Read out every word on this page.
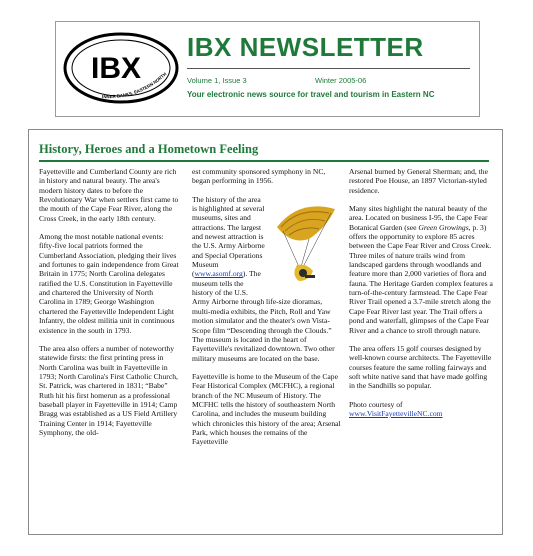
IBX
INNER BANKS, EASTERN NORTH
IBX NEWSLETTER
Volume 1, Issue 3	Winter 2005-06
Your electronic news source for travel and tourism in Eastern NC
History, Heroes and a Hometown Feeling

Fayetteville and Cumberland County are rich in history and natural beauty. The area's modern history dates to before the Revolutionary War when settlers first came to the mouth of the Cape Fear River, along the Cross Creek, in the early 18th century.

Among the most notable national events: fifty-five local patriots formed the Cumberland Association, pledging their lives and fortunes to gain independence from Great Britain in 1775; North Carolina delegates ratified the U.S. Constitution in Fayetteville and chartered the University of North Carolina in 1789; George Washington chartered the Fayetteville Independent Light Infantry, the oldest militia unit in continuous existence in the south in 1793.

The area also offers a number of noteworthy statewide firsts: the first printing press in North Carolina was built in Fayetteville in 1793; North Carolina's First Catholic Church, St. Patrick, was chartered in 1831; “Babe” Ruth hit his first homerun as a professional baseball player in Fayetteville in 1914; Camp Bragg was established as a US Field Artillery Training Center in 1914; Fayetteville Symphony, the old-

est community sponsored symphony in NC, began performing in 1956.

The history of the area is highlighted at several museums, sites and attractions. The largest and newest attraction is the U.S. Army Airborne and Special Operations Museum (www.asomf.org). The museum tells the history of the U.S. Army Airborne through life-size dioramas, multi-media exhibits, the Pitch, Roll and Yaw motion simulator and the theater's own Vista-Scope film “Descending through the Clouds.” The museum is located in the heart of Fayetteville's revitalized downtown. Two other military museums are located on the base.

Fayetteville is home to the Museum of the Cape Fear Historical Complex (MCFHC), a regional branch of the NC Museum of History. The MCFHC tells the history of southeastern North Carolina, and includes the museum building which chronicles this history of the area; Arsenal Park, which houses the remains of the Fayetteville

Arsenal burned by General Sherman; and, the restored Poe House, an 1897 Victorian-styled residence.

Many sites highlight the natural beauty of the area. Located on business I-95, the Cape Fear Botanical Garden (see Green Growings, p. 3) offers the opportunity to explore 85 acres between the Cape Fear River and Cross Creek. Three miles of nature trails wind from landscaped gardens through woodlands and feature more than 2,000 varieties of flora and fauna. The Heritage Garden complex features a turn-of-the-century farmstead. The Cape Fear River Trail opened a 3.7-mile stretch along the Cape Fear River last year. The Trail offers a pond and waterfall, glimpses of the Cape Fear River and a chance to stroll through nature.

The area offers 15 golf courses designed by well-known course architects. The Fayetteville courses feature the same rolling fairways and soft white native sand that have made golfing in the Sandhills so popular.

Photo courtesy of
www.VisitFayettevilleNC.com
